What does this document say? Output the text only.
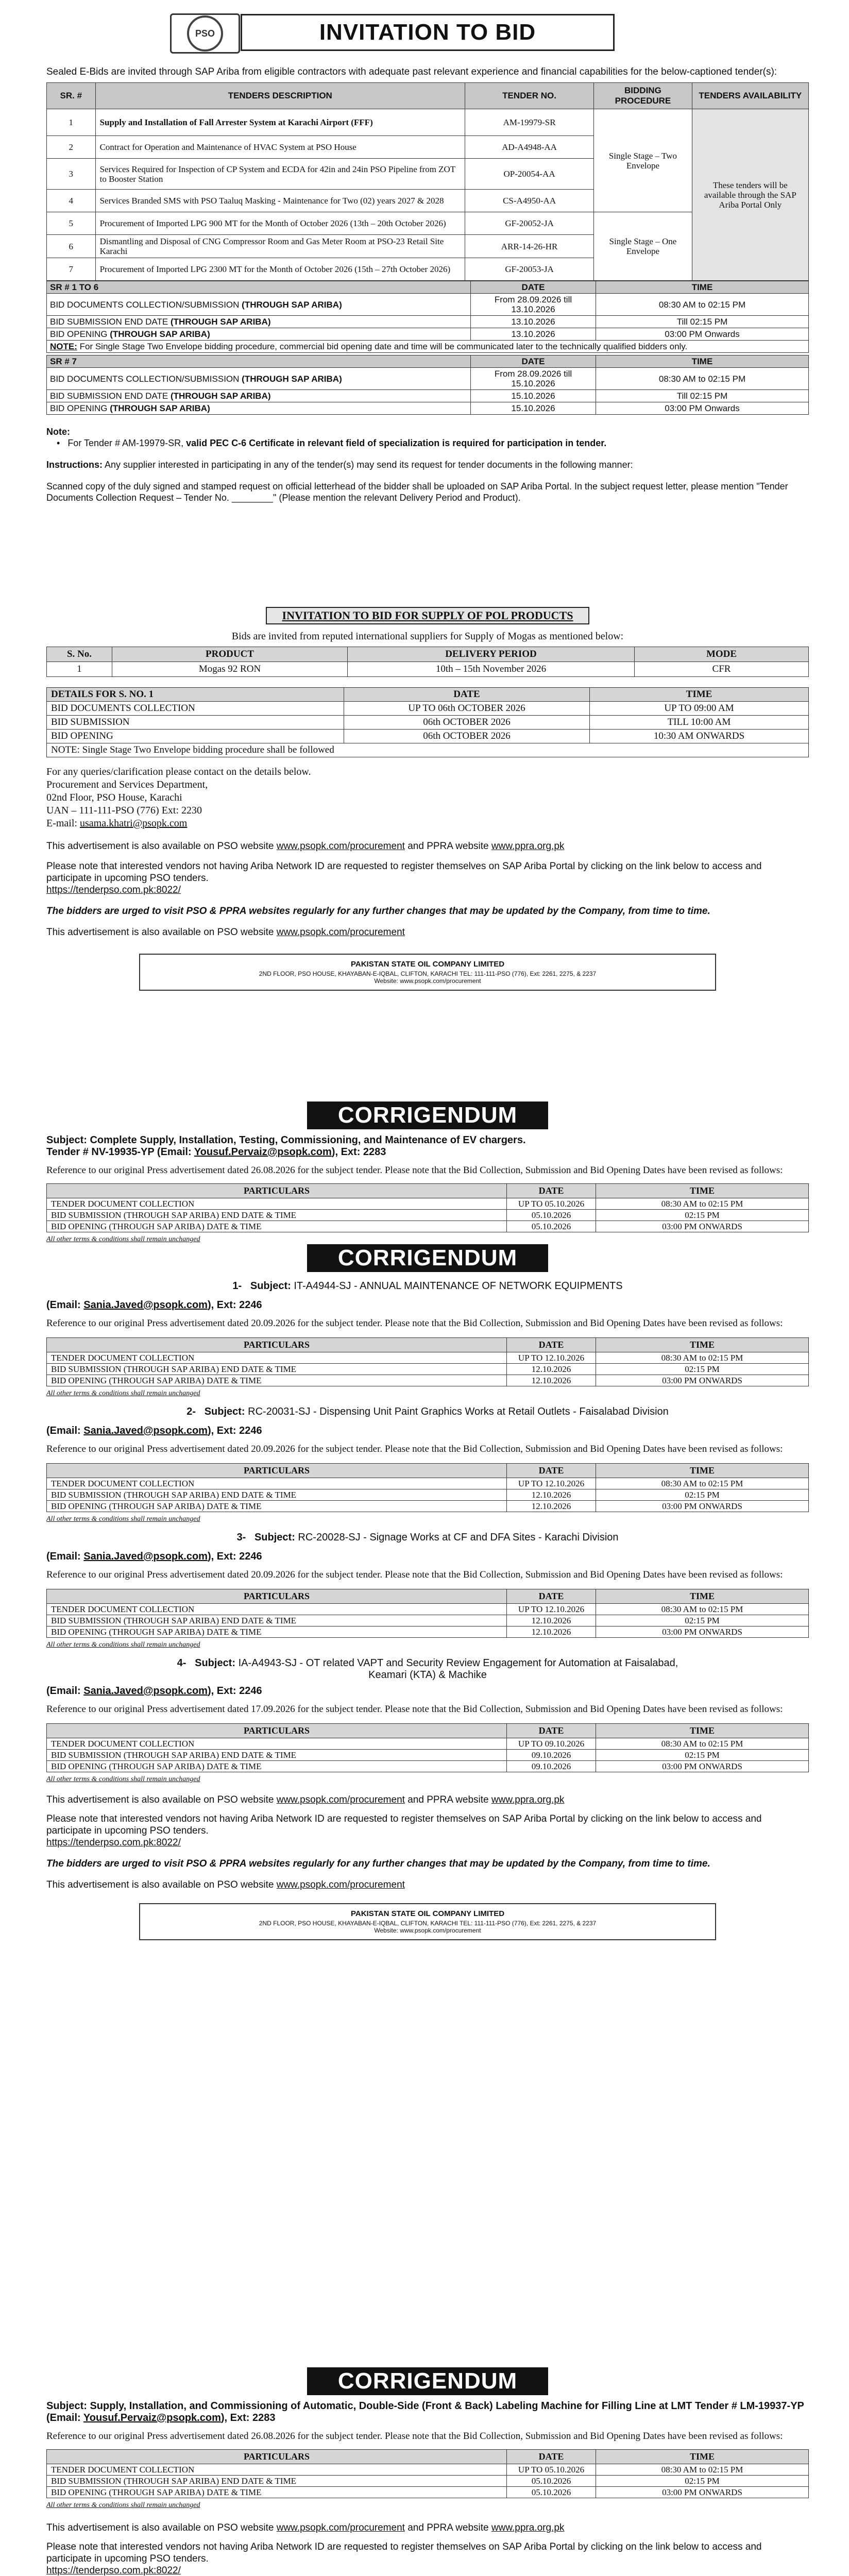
PSO	INVITATION TO BID

Sealed E-Bids are invited through SAP Ariba from eligible contractors with adequate past relevant experience and financial capabilities for the below-captioned tender(s):

SR. #	TENDERS DESCRIPTION	TENDER NO.	BIDDING PROCEDURE	TENDERS AVAILABILITY
1	Supply and Installation of Fall Arrester System at Karachi Airport (FFF)	AM-19979-SR	Single Stage – Two Envelope	These tenders will be available through the SAP Ariba Portal Only
2	Contract for Operation and Maintenance of HVAC System at PSO House	AD-A4948-AA		
3	Services Required for Inspection of CP System and ECDA for 42in and 24in PSO Pipeline from ZOT to Booster Station	OP-20054-AA		
4	Services Branded SMS with PSO Taaluq Masking - Maintenance for Two (02) years 2027 & 2028	CS-A4950-AA		
5	Procurement of Imported LPG 900 MT for the Month of October 2026 (13th – 20th October 2026)	GF-20052-JA	Single Stage – One Envelope	
6	Dismantling and Disposal of CNG Compressor Room and Gas Meter Room at PSO-23 Retail Site Karachi	ARR-14-26-HR		
7	Procurement of Imported LPG 2300 MT for the Month of October 2026 (15th – 27th October 2026)	GF-20053-JA		
SR # 1 TO 6	DATE	TIME
BID DOCUMENTS COLLECTION/SUBMISSION (THROUGH SAP ARIBA)	From 28.09.2026 till 13.10.2026	08:30 AM to 02:15 PM
BID SUBMISSION END DATE (THROUGH SAP ARIBA)	13.10.2026	Till 02:15 PM
BID OPENING (THROUGH SAP ARIBA)	13.10.2026	03:00 PM Onwards
NOTE: For Single Stage Two Envelope bidding procedure, commercial bid opening date and time will be communicated later to the technically qualified bidders only.		
SR # 7	DATE	TIME
BID DOCUMENTS COLLECTION/SUBMISSION (THROUGH SAP ARIBA)	From 28.09.2026 till 15.10.2026	08:30 AM to 02:15 PM
BID SUBMISSION END DATE (THROUGH SAP ARIBA)	15.10.2026	Till 02:15 PM
BID OPENING (THROUGH SAP ARIBA)	15.10.2026	03:00 PM Onwards

Note:

•   For Tender # AM-19979-SR, valid PEC C-6 Certificate in relevant field of specialization is required for participation in tender.

Instructions: Any supplier interested in participating in any of the tender(s) may send its request for tender documents in the following manner:

Scanned copy of the duly signed and stamped request on official letterhead of the bidder shall be uploaded on SAP Ariba Portal. In the subject request letter, please mention "Tender Documents Collection Request – Tender No. ________" (Please mention the relevant Delivery Period and Product).

INVITATION TO BID FOR SUPPLY OF POL PRODUCTS

Bids are invited from reputed international suppliers for Supply of Mogas as mentioned below:

S. No.	PRODUCT	DELIVERY PERIOD	MODE
1	Mogas 92 RON	10th – 15th November 2026	CFR
DETAILS FOR S. NO. 1	DATE	TIME
BID DOCUMENTS COLLECTION	UP TO 06th OCTOBER 2026	UP TO 09:00 AM
BID SUBMISSION	06th OCTOBER 2026	TILL 10:00 AM
BID OPENING	06th OCTOBER 2026	10:30 AM ONWARDS
NOTE: Single Stage Two Envelope bidding procedure shall be followed		

For any queries/clarification please contact on the details below.

Procurement and Services Department,

02nd Floor, PSO House, Karachi

UAN – 111-111-PSO (776) Ext: 2230

E-mail: usama.khatri@psopk.com

This advertisement is also available on PSO website www.psopk.com/procurement and PPRA website www.ppra.org.pk

Please note that interested vendors not having Ariba Network ID are requested to register themselves on SAP Ariba Portal by clicking on the link below to access and participate in upcoming PSO tenders.

https://tenderpso.com.pk:8022/

The bidders are urged to visit PSO & PPRA websites regularly for any further changes that may be updated by the Company, from time to time.

This advertisement is also available on PSO website www.psopk.com/procurement

PAKISTAN STATE OIL COMPANY LIMITED
2ND FLOOR, PSO HOUSE, KHAYABAN-E-IQBAL, CLIFTON, KARACHI TEL: 111-111-PSO (776), Ext: 2261, 2275, & 2237
Website: www.psopk.com/procurement
CORRIGENDUM

Subject: Complete Supply, Installation, Testing, Commissioning, and Maintenance of EV chargers.

Tender # NV-19935-YP (Email: Yousuf.Pervaiz@psopk.com), Ext: 2283

Reference to our original Press advertisement dated 26.08.2026 for the subject tender. Please note that the Bid Collection, Submission and Bid Opening Dates have been revised as follows:

PARTICULARS	DATE	TIME
TENDER DOCUMENT COLLECTION	UP TO 05.10.2026	08:30 AM to 02:15 PM
BID SUBMISSION (THROUGH SAP ARIBA) END DATE & TIME	05.10.2026	02:15 PM
BID OPENING (THROUGH SAP ARIBA) DATE & TIME	05.10.2026	03:00 PM ONWARDS

All other terms & conditions shall remain unchanged

CORRIGENDUM

1- Subject: IT-A4944-SJ - ANNUAL MAINTENANCE OF NETWORK EQUIPMENTS

(Email: Sania.Javed@psopk.com), Ext: 2246

Reference to our original Press advertisement dated 20.09.2026 for the subject tender. Please note that the Bid Collection, Submission and Bid Opening Dates have been revised as follows:

PARTICULARS	DATE	TIME
TENDER DOCUMENT COLLECTION	UP TO 12.10.2026	08:30 AM to 02:15 PM
BID SUBMISSION (THROUGH SAP ARIBA) END DATE & TIME	12.10.2026	02:15 PM
BID OPENING (THROUGH SAP ARIBA) DATE & TIME	12.10.2026	03:00 PM ONWARDS

All other terms & conditions shall remain unchanged

2- Subject: RC-20031-SJ - Dispensing Unit Paint Graphics Works at Retail Outlets - Faisalabad Division

(Email: Sania.Javed@psopk.com), Ext: 2246

Reference to our original Press advertisement dated 20.09.2026 for the subject tender. Please note that the Bid Collection, Submission and Bid Opening Dates have been revised as follows:

PARTICULARS	DATE	TIME
TENDER DOCUMENT COLLECTION	UP TO 12.10.2026	08:30 AM to 02:15 PM
BID SUBMISSION (THROUGH SAP ARIBA) END DATE & TIME	12.10.2026	02:15 PM
BID OPENING (THROUGH SAP ARIBA) DATE & TIME	12.10.2026	03:00 PM ONWARDS

All other terms & conditions shall remain unchanged

3- Subject: RC-20028-SJ - Signage Works at CF and DFA Sites - Karachi Division

(Email: Sania.Javed@psopk.com), Ext: 2246

Reference to our original Press advertisement dated 20.09.2026 for the subject tender. Please note that the Bid Collection, Submission and Bid Opening Dates have been revised as follows:

PARTICULARS	DATE	TIME
TENDER DOCUMENT COLLECTION	UP TO 12.10.2026	08:30 AM to 02:15 PM
BID SUBMISSION (THROUGH SAP ARIBA) END DATE & TIME	12.10.2026	02:15 PM
BID OPENING (THROUGH SAP ARIBA) DATE & TIME	12.10.2026	03:00 PM ONWARDS

All other terms & conditions shall remain unchanged

4- Subject: IA-A4943-SJ - OT related VAPT and Security Review Engagement for Automation at Faisalabad,

Keamari (KTA) & Machike

(Email: Sania.Javed@psopk.com), Ext: 2246

Reference to our original Press advertisement dated 17.09.2026 for the subject tender. Please note that the Bid Collection, Submission and Bid Opening Dates have been revised as follows:

PARTICULARS	DATE	TIME
TENDER DOCUMENT COLLECTION	UP TO 09.10.2026	08:30 AM to 02:15 PM
BID SUBMISSION (THROUGH SAP ARIBA) END DATE & TIME	09.10.2026	02:15 PM
BID OPENING (THROUGH SAP ARIBA) DATE & TIME	09.10.2026	03:00 PM ONWARDS

All other terms & conditions shall remain unchanged

This advertisement is also available on PSO website www.psopk.com/procurement and PPRA website www.ppra.org.pk

Please note that interested vendors not having Ariba Network ID are requested to register themselves on SAP Ariba Portal by clicking on the link below to access and participate in upcoming PSO tenders.

https://tenderpso.com.pk:8022/

The bidders are urged to visit PSO & PPRA websites regularly for any further changes that may be updated by the Company, from time to time.

This advertisement is also available on PSO website www.psopk.com/procurement

PAKISTAN STATE OIL COMPANY LIMITED
2ND FLOOR, PSO HOUSE, KHAYABAN-E-IQBAL, CLIFTON, KARACHI TEL: 111-111-PSO (776), Ext: 2261, 2275, & 2237
Website: www.psopk.com/procurement
CORRIGENDUM

Subject: Supply, Installation, and Commissioning of Automatic, Double-Side (Front & Back) Labeling Machine for Filling Line at LMT Tender # LM-19937-YP (Email: Yousuf.Pervaiz@psopk.com), Ext: 2283

Reference to our original Press advertisement dated 26.08.2026 for the subject tender. Please note that the Bid Collection, Submission and Bid Opening Dates have been revised as follows:

PARTICULARS	DATE	TIME
TENDER DOCUMENT COLLECTION	UP TO 05.10.2026	08:30 AM to 02:15 PM
BID SUBMISSION (THROUGH SAP ARIBA) END DATE & TIME	05.10.2026	02:15 PM
BID OPENING (THROUGH SAP ARIBA) DATE & TIME	05.10.2026	03:00 PM ONWARDS

All other terms & conditions shall remain unchanged

This advertisement is also available on PSO website www.psopk.com/procurement and PPRA website www.ppra.org.pk

Please note that interested vendors not having Ariba Network ID are requested to register themselves on SAP Ariba Portal by clicking on the link below to access and participate in upcoming PSO tenders.

https://tenderpso.com.pk:8022/
